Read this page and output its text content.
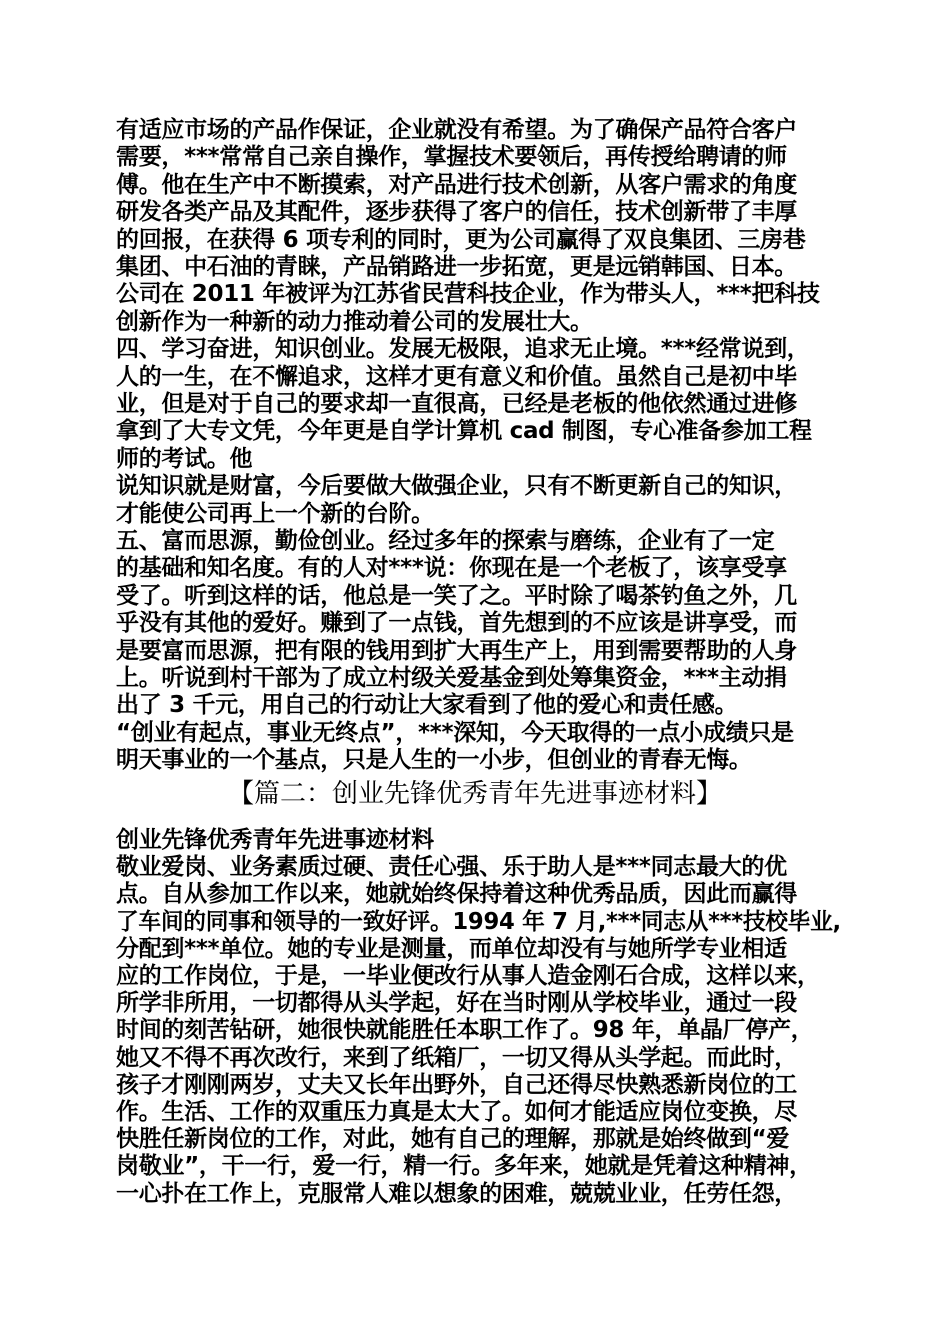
有适应市场的产品作保证，企业就没有希望。为了确保产品符合客户
需要，***常常自己亲自操作，掌握技术要领后，再传授给聘请的师
傅。他在生产中不断摸索，对产品进行技术创新，从客户需求的角度
研发各类产品及其配件，逐步获得了客户的信任，技术创新带了丰厚
的回报，在获得 6 项专利的同时，更为公司赢得了双良集团、三房巷
集团、中石油的青睐，产品销路进一步拓宽，更是远销韩国、日本。
公司在 2011 年被评为江苏省民营科技企业，作为带头人，***把科技
创新作为一种新的动力推动着公司的发展壮大。
四、学习奋进，知识创业。发展无极限，追求无止境。***经常说到，
人的一生，在不懈追求，这样才更有意义和价值。虽然自己是初中毕
业，但是对于自己的要求却一直很高，已经是老板的他依然通过进修
拿到了大专文凭，今年更是自学计算机 cad 制图，专心准备参加工程
师的考试。他
说知识就是财富，今后要做大做强企业，只有不断更新自己的知识，
才能使公司再上一个新的台阶。
五、富而思源，勤俭创业。经过多年的探索与磨练，企业有了一定
的基础和知名度。有的人对***说：你现在是一个老板了，该享受享
受了。听到这样的话，他总是一笑了之。平时除了喝茶钓鱼之外，几
乎没有其他的爱好。赚到了一点钱，首先想到的不应该是讲享受，而
是要富而思源，把有限的钱用到扩大再生产上，用到需要帮助的人身
上。听说到村干部为了成立村级关爱基金到处筹集资金，***主动捐
出了 3 千元，用自己的行动让大家看到了他的爱心和责任感。
“创业有起点，事业无终点”，***深知，今天取得的一点小成绩只是
明天事业的一个基点，只是人生的一小步，但创业的青春无悔。
【篇二：创业先锋优秀青年先进事迹材料】
创业先锋优秀青年先进事迹材料
敬业爱岗、业务素质过硬、责任心强、乐于助人是***同志最大的优
点。自从参加工作以来，她就始终保持着这种优秀品质，因此而赢得
了车间的同事和领导的一致好评。1994 年 7 月,***同志从***技校毕业,
分配到***单位。她的专业是测量，而单位却没有与她所学专业相适
应的工作岗位，于是，一毕业便改行从事人造金刚石合成，这样以来，
所学非所用，一切都得从头学起，好在当时刚从学校毕业，通过一段
时间的刻苦钻研，她很快就能胜任本职工作了。98 年，单晶厂停产，
她又不得不再次改行，来到了纸箱厂，一切又得从头学起。而此时，
孩子才刚刚两岁，丈夫又长年出野外，自己还得尽快熟悉新岗位的工
作。生活、工作的双重压力真是太大了。如何才能适应岗位变换，尽
快胜任新岗位的工作，对此，她有自己的理解，那就是始终做到“爱
岗敬业”，干一行，爱一行，精一行。多年来，她就是凭着这种精神，
一心扑在工作上，克服常人难以想象的困难，兢兢业业，任劳任怨，
